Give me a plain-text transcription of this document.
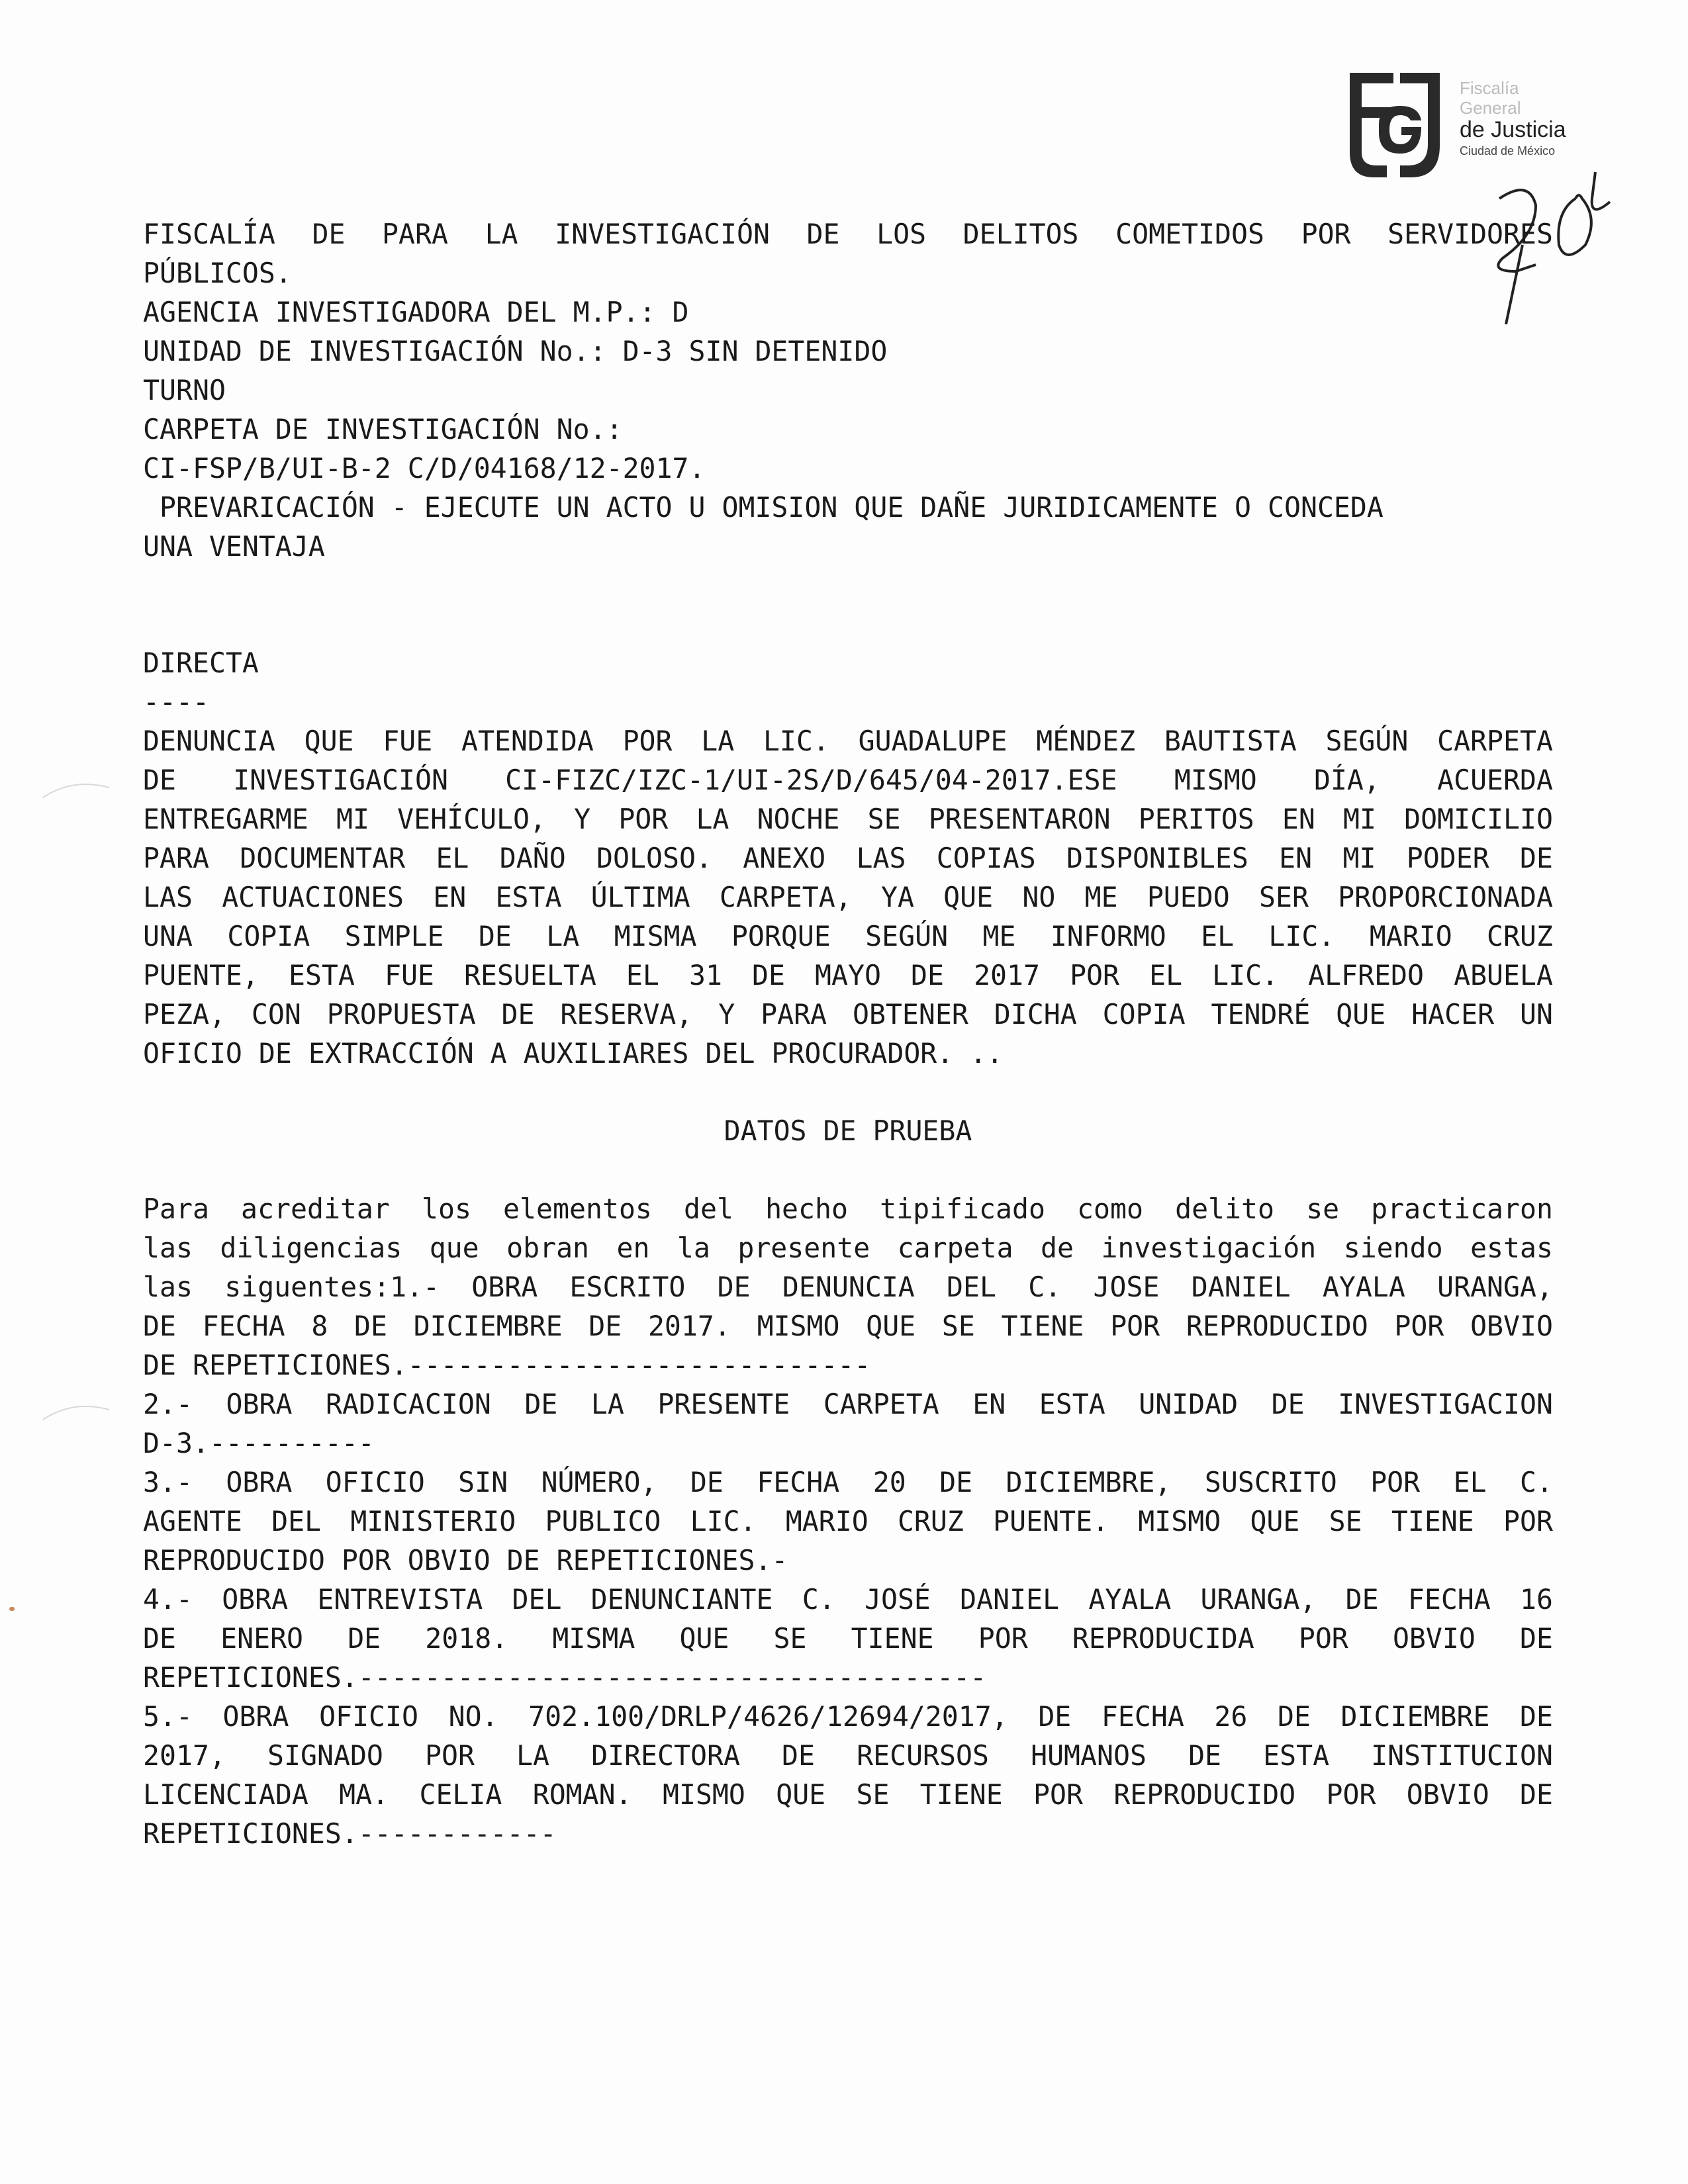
Fiscalía
General
de Justicia
Ciudad de México
FISCALÍA DE PARA LA INVESTIGACIÓN DE LOS DELITOS COMETIDOS POR SERVIDORES
PÚBLICOS.
AGENCIA INVESTIGADORA DEL M.P.: D
UNIDAD DE INVESTIGACIÓN No.: D-3 SIN DETENIDO
TURNO
CARPETA DE INVESTIGACIÓN No.:
CI-FSP/B/UI-B-2 C/D/04168/12-2017.
PREVARICACIÓN - EJECUTE UN ACTO U OMISION QUE DAÑE JURIDICAMENTE O CONCEDA
UNA VENTAJA
DIRECTA
----
DENUNCIA QUE FUE ATENDIDA POR LA LIC. GUADALUPE MÉNDEZ BAUTISTA SEGÚN CARPETA
DE INVESTIGACIÓN CI-FIZC/IZC-1/UI-2S/D/645/04-2017.ESE MISMO DÍA, ACUERDA
ENTREGARME MI VEHÍCULO, Y POR LA NOCHE SE PRESENTARON PERITOS EN MI DOMICILIO
PARA DOCUMENTAR EL DAÑO DOLOSO. ANEXO LAS COPIAS DISPONIBLES EN MI PODER DE
LAS ACTUACIONES EN ESTA ÚLTIMA CARPETA, YA QUE NO ME PUEDO SER PROPORCIONADA
UNA COPIA SIMPLE DE LA MISMA PORQUE SEGÚN ME INFORMO EL LIC. MARIO CRUZ
PUENTE, ESTA FUE RESUELTA EL 31 DE MAYO DE 2017 POR EL LIC. ALFREDO ABUELA
PEZA, CON PROPUESTA DE RESERVA, Y PARA OBTENER DICHA COPIA TENDRÉ QUE HACER UN
OFICIO DE EXTRACCIÓN A AUXILIARES DEL PROCURADOR. ..
DATOS DE PRUEBA
Para acreditar los elementos del hecho tipificado como delito se practicaron
las diligencias que obran en la presente carpeta de investigación siendo estas
las siguentes:1.- OBRA ESCRITO DE DENUNCIA DEL C. JOSE DANIEL AYALA URANGA,
DE FECHA 8 DE DICIEMBRE DE 2017. MISMO QUE SE TIENE POR REPRODUCIDO POR OBVIO
DE REPETICIONES.----------------------------
2.- OBRA RADICACION DE LA PRESENTE CARPETA EN ESTA UNIDAD DE INVESTIGACION
D-3.----------
3.- OBRA OFICIO SIN NÚMERO, DE FECHA 20 DE DICIEMBRE, SUSCRITO POR EL C.
AGENTE DEL MINISTERIO PUBLICO LIC. MARIO CRUZ PUENTE. MISMO QUE SE TIENE POR
REPRODUCIDO POR OBVIO DE REPETICIONES.-
4.- OBRA ENTREVISTA DEL DENUNCIANTE C. JOSÉ DANIEL AYALA URANGA, DE FECHA 16
DE ENERO DE 2018. MISMA QUE SE TIENE POR REPRODUCIDA POR OBVIO DE
REPETICIONES.--------------------------------------
5.- OBRA OFICIO NO. 702.100/DRLP/4626/12694/2017, DE FECHA 26 DE DICIEMBRE DE
2017, SIGNADO POR LA DIRECTORA DE RECURSOS HUMANOS DE ESTA INSTITUCION
LICENCIADA MA. CELIA ROMAN. MISMO QUE SE TIENE POR REPRODUCIDO POR OBVIO DE
REPETICIONES.------------
